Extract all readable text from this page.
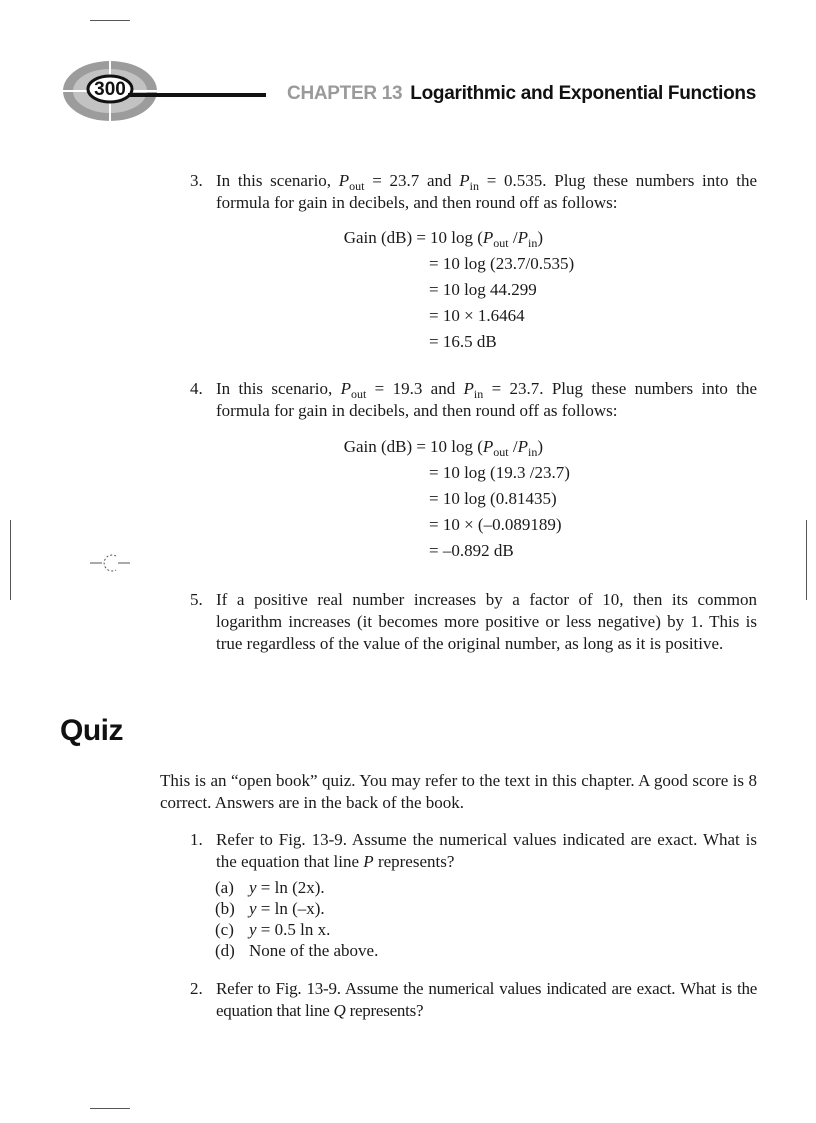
300	CHAPTER 13 Logarithmic and Exponential Functions
3. In this scenario, $P_{out} = 23.7$ and $P_{in} = 0.535$. Plug these numbers into the formula for gain in decibels, and then round off as follows:
Gain (dB) = 10 $\log (P_{out}$ $/P_{in}$)
= 10 log (23.7/0.535)
= 10 log 44.299
= 10 × 1.6464
= 16.5 dB
4. In this scenario, $P_{out} = 19.3$ and $P_{in} = 23.7$. Plug these numbers into the formula for gain in decibels, and then round off as follows:
Gain (dB) = 10 $\log (P_{out}$ $/P_{in}$)
= 10 log (19.3 /23.7)
= 10 log (0.81435)
= 10 × (–0.089189)
= –0.892 dB
5. If a positive real number increases by a factor of 10, then its common logarithm increases (it becomes more positive or less negative) by 1. This is true regardless of the value of the original number, as long as it is positive.
Quiz
This is an “open book” quiz. You may refer to the text in this chapter. A good score is 8 correct. Answers are in the back of the book.
1. Refer to Fig. 13-9. Assume the numerical values indicated are exact. What is the equation that line P represents?
(a) y = ln (2x).
(b) y = ln (–x).
(c) y = 0.5 ln x.
(d) None of the above.
2. Refer to Fig. 13-9. Assume the numerical values indicated are exact. What is the equation that line Q represents?
